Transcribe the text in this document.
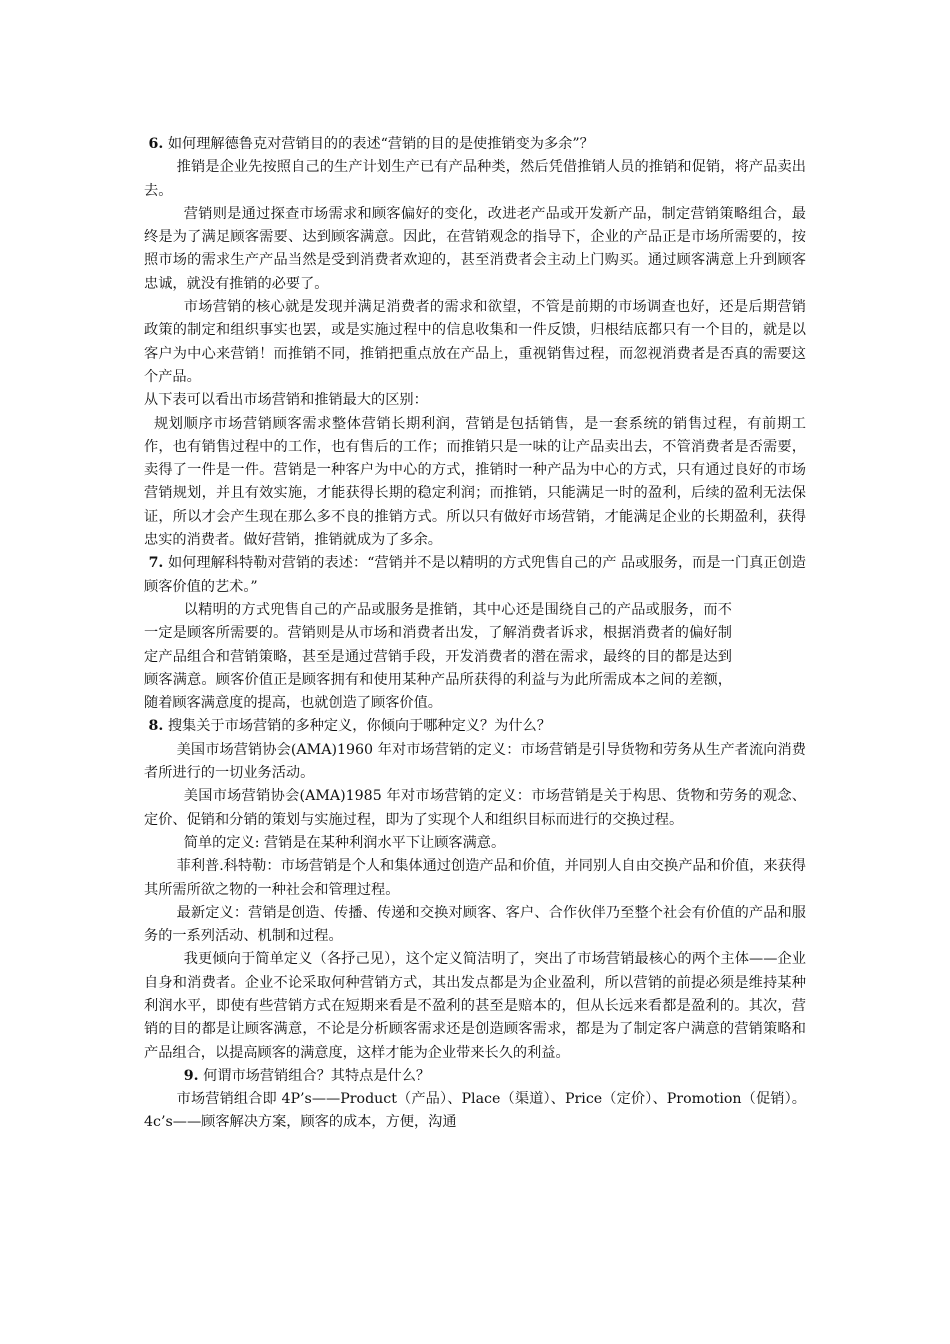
6. 如何理解德鲁克对营销目的的表述“营销的目的是使推销变为多余”？

推销是企业先按照自己的生产计划生产已有产品种类，然后凭借推销人员的推销和促销，将产品卖出去。

营销则是通过探查市场需求和顾客偏好的变化，改进老产品或开发新产品，制定营销策略组合，最终是为了满足顾客需要、达到顾客满意。因此，在营销观念的指导下，企业的产品正是市场所需要的，按照市场的需求生产产品当然是受到消费者欢迎的，甚至消费者会主动上门购买。通过顾客满意上升到顾客忠诚，就没有推销的必要了。

市场营销的核心就是发现并满足消费者的需求和欲望，不管是前期的市场调查也好，还是后期营销政策的制定和组织事实也罢，或是实施过程中的信息收集和一件反馈，归根结底都只有一个目的，就是以客户为中心来营销！而推销不同，推销把重点放在产品上，重视销售过程，而忽视消费者是否真的需要这个产品。

从下表可以看出市场营销和推销最大的区别：

规划顺序市场营销顾客需求整体营销长期利润，营销是包括销售，是一套系统的销售过程，有前期工作，也有销售过程中的工作，也有售后的工作；而推销只是一味的让产品卖出去，不管消费者是否需要，卖得了一件是一件。营销是一种客户为中心的方式，推销时一种产品为中心的方式，只有通过良好的市场营销规划，并且有效实施，才能获得长期的稳定利润；而推销，只能满足一时的盈利，后续的盈利无法保证，所以才会产生现在那么多不良的推销方式。所以只有做好市场营销，才能满足企业的长期盈利，获得忠实的消费者。做好营销，推销就成为了多余。

7. 如何理解科特勒对营销的表述：“营销并不是以精明的方式兜售自己的产 品或服务，而是一门真正创造顾客价值的艺术。”

以精明的方式兜售自己的产品或服务是推销，其中心还是围绕自己的产品或服务，而不一定是顾客所需要的。营销则是从市场和消费者出发，了解消费者诉求，根据消费者的偏好制定产品组合和营销策略，甚至是通过营销手段，开发消费者的潜在需求，最终的目的都是达到顾客满意。顾客价值正是顾客拥有和使用某种产品所获得的利益与为此所需成本之间的差额，随着顾客满意度的提高，也就创造了顾客价值。

8. 搜集关于市场营销的多种定义，你倾向于哪种定义？为什么？

美国市场营销协会(AMA)1960 年对市场营销的定义：市场营销是引导货物和劳务从生产者流向消费者所进行的一切业务活动。

美国市场营销协会(AMA)1985 年对市场营销的定义：市场营销是关于构思、货物和劳务的观念、定价、促销和分销的策划与实施过程，即为了实现个人和组织目标而进行的交换过程。

简单的定义: 营销是在某种利润水平下让顾客满意。

菲利普.科特勒：市场营销是个人和集体通过创造产品和价值，并同别人自由交换产品和价值，来获得其所需所欲之物的一种社会和管理过程。

最新定义：营销是创造、传播、传递和交换对顾客、客户、合作伙伴乃至整个社会有价值的产品和服务的一系列活动、机制和过程。

我更倾向于简单定义（各抒己见），这个定义简洁明了，突出了市场营销最核心的两个主体——企业自身和消费者。企业不论采取何种营销方式，其出发点都是为企业盈利，所以营销的前提必须是维持某种利润水平，即使有些营销方式在短期来看是不盈利的甚至是赔本的，但从长远来看都是盈利的。其次，营销的目的都是让顾客满意，不论是分析顾客需求还是创造顾客需求，都是为了制定客户满意的营销策略和产品组合，以提高顾客的满意度，这样才能为企业带来长久的利益。

9. 何谓市场营销组合？其特点是什么？

市场营销组合即 4P’s——Product（产品）、Place（渠道）、Price（定价）、Promotion（促销）。4c’s——顾客解决方案，顾客的成本，方便，沟通
